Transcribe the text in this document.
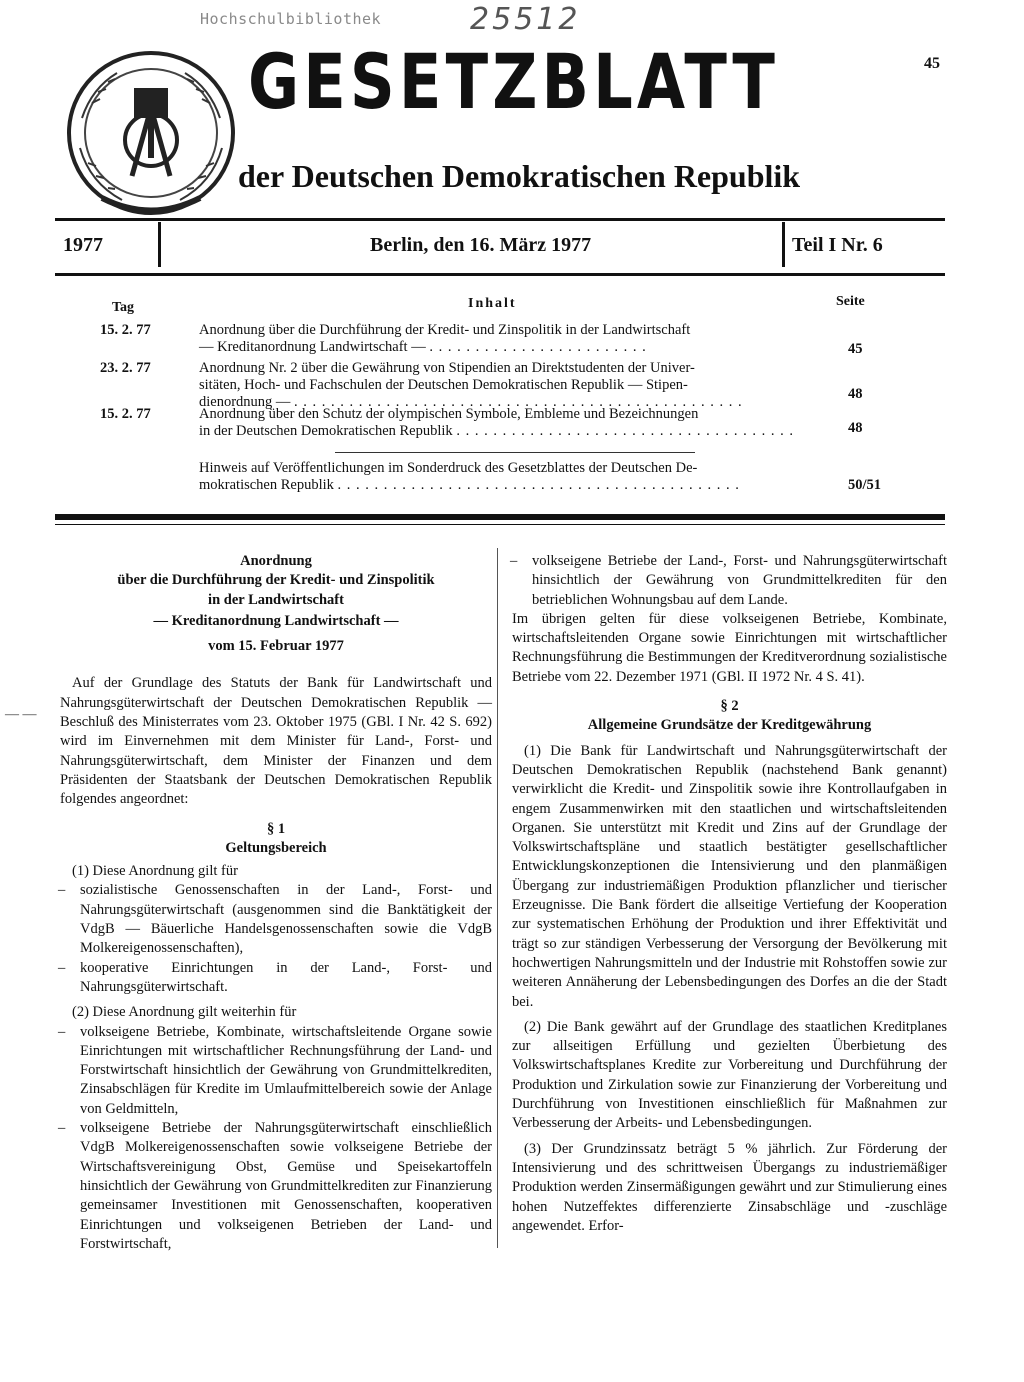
Hochschulbibliothek	25512
45
GESETZBLATT
der Deutschen Demokratischen Republik
1977	Berlin, den 16. März 1977	Teil I Nr. 6
Tag	Inhalt	Seite
15. 2. 77	Anordnung über die Durchführung der Kredit- und Zinspolitik in der Landwirtschaft
— Kreditanordnung Landwirtschaft — . . . . . . . . . . . . . . . . . . . . . . . .	45
23. 2. 77	Anordnung Nr. 2 über die Gewährung von Stipendien an Direktstudenten der Univer-
sitäten, Hoch- und Fachschulen der Deutschen Demokratischen Republik — Stipen-
dienordnung — . . . . . . . . . . . . . . . . . . . . . . . . . . . . . . . . . . . . . . . . . . . . . . . . .	48
15. 2. 77	Anordnung über den Schutz der olympischen Symbole, Embleme und Bezeichnungen
in der Deutschen Demokratischen Republik . . . . . . . . . . . . . . . . . . . . . . . . . . . . . . . . . . . . .	48
Hinweis auf Veröffentlichungen im Sonderdruck des Gesetzblattes der Deutschen De-
mokratischen Republik . . . . . . . . . . . . . . . . . . . . . . . . . . . . . . . . . . . . . . . . . . . .	50/51
— —
Anordnung
über die Durchführung der Kredit- und Zinspolitik
in der Landwirtschaft
— Kreditanordnung Landwirtschaft —
vom 15. Februar 1977

Auf der Grundlage des Statuts der Bank für Landwirtschaft und Nahrungsgüterwirtschaft der Deutschen Demokratischen Republik — Beschluß des Ministerrates vom 23. Oktober 1975 (GBl. I Nr. 42 S. 692) wird im Einvernehmen mit dem Minister für Land-, Forst- und Nahrungsgüterwirtschaft, dem Minister der Finanzen und dem Präsidenten der Staatsbank der Deutschen Demokratischen Republik folgendes angeordnet:

§ 1
Geltungsbereich

(1) Diese Anordnung gilt für

– sozialistische Genossenschaften in der Land-, Forst- und Nahrungsgüterwirtschaft (ausgenommen sind die Banktätigkeit der VdgB — Bäuerliche Handelsgenossenschaften sowie die VdgB Molkereigenossenschaften),
– kooperative Einrichtungen in der Land-, Forst- und Nahrungsgüterwirtschaft.

(2) Diese Anordnung gilt weiterhin für

– volkseigene Betriebe, Kombinate, wirtschaftsleitende Organe sowie Einrichtungen mit wirtschaftlicher Rechnungsführung der Land- und Forstwirtschaft hinsichtlich der Gewährung von Grundmittelkrediten, Zinsabschlägen für Kredite im Umlaufmittelbereich sowie der Anlage von Geldmitteln,
– volkseigene Betriebe der Nahrungsgüterwirtschaft einschließlich VdgB Molkereigenossenschaften sowie volkseigene Betriebe der Wirtschaftsvereinigung Obst, Gemüse und Speisekartoffeln hinsichtlich der Gewährung von Grundmittelkrediten zur Finanzierung gemeinsamer Investitionen mit Genossenschaften, kooperativen Einrichtungen und volkseigenen Betrieben der Land- und Forstwirtschaft,
– volkseigene Betriebe der Land-, Forst- und Nahrungsgüterwirtschaft hinsichtlich der Gewährung von Grundmittelkrediten für den betrieblichen Wohnungsbau auf dem Lande.

Im übrigen gelten für diese volkseigenen Betriebe, Kombinate, wirtschaftsleitenden Organe sowie Einrichtungen mit wirtschaftlicher Rechnungsführung die Bestimmungen der Kreditverordnung sozialistische Betriebe vom 22. Dezember 1971 (GBl. II 1972 Nr. 4 S. 41).

§ 2
Allgemeine Grundsätze der Kreditgewährung

(1) Die Bank für Landwirtschaft und Nahrungsgüterwirtschaft der Deutschen Demokratischen Republik (nachstehend Bank genannt) verwirklicht die Kredit- und Zinspolitik sowie ihre Kontrollaufgaben in engem Zusammenwirken mit den staatlichen und wirtschaftsleitenden Organen. Sie unterstützt mit Kredit und Zins auf der Grundlage der Volkswirtschaftspläne und staatlich bestätigter gesellschaftlicher Entwicklungskonzeptionen die Intensivierung und den planmäßigen Übergang zur industriemäßigen Produktion pflanzlicher und tierischer Erzeugnisse. Die Bank fördert die allseitige Vertiefung der Kooperation zur systematischen Erhöhung der Produktion und ihrer Effektivität und trägt so zur ständigen Verbesserung der Versorgung der Bevölkerung mit hochwertigen Nahrungsmitteln und der Industrie mit Rohstoffen sowie zur weiteren Annäherung der Lebensbedingungen des Dorfes an die der Stadt bei.

(2) Die Bank gewährt auf der Grundlage des staatlichen Kreditplanes zur allseitigen Erfüllung und gezielten Überbietung des Volkswirtschaftsplanes Kredite zur Vorbereitung und Durchführung der Produktion und Zirkulation sowie zur Finanzierung der Vorbereitung und Durchführung von Investitionen einschließlich für Maßnahmen zur Verbesserung der Arbeits- und Lebensbedingungen.

(3) Der Grundzinssatz beträgt 5 % jährlich. Zur Förderung der Intensivierung und des schrittweisen Übergangs zu industriemäßiger Produktion werden Zinsermäßigungen gewährt und zur Stimulierung eines hohen Nutzeffektes differenzierte Zinsabschläge und -zuschläge angewendet. Erfor-
